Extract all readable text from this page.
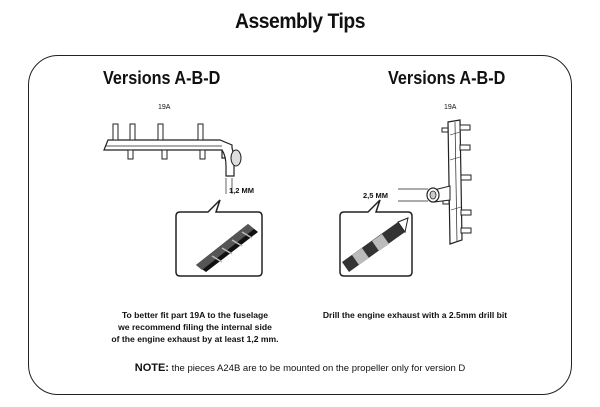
Assembly Tips
Versions A-B-D
19A
1,2 MM
To better fit part 19A to the fuselage
we recommend filing the internal side
of the engine exhaust by at least 1,2 mm.
Versions A-B-D
19A
2,5 MM
Drill the engine exhaust with a 2.5mm drill bit
NOTE: the pieces A24B are to be mounted on the propeller only for version D
